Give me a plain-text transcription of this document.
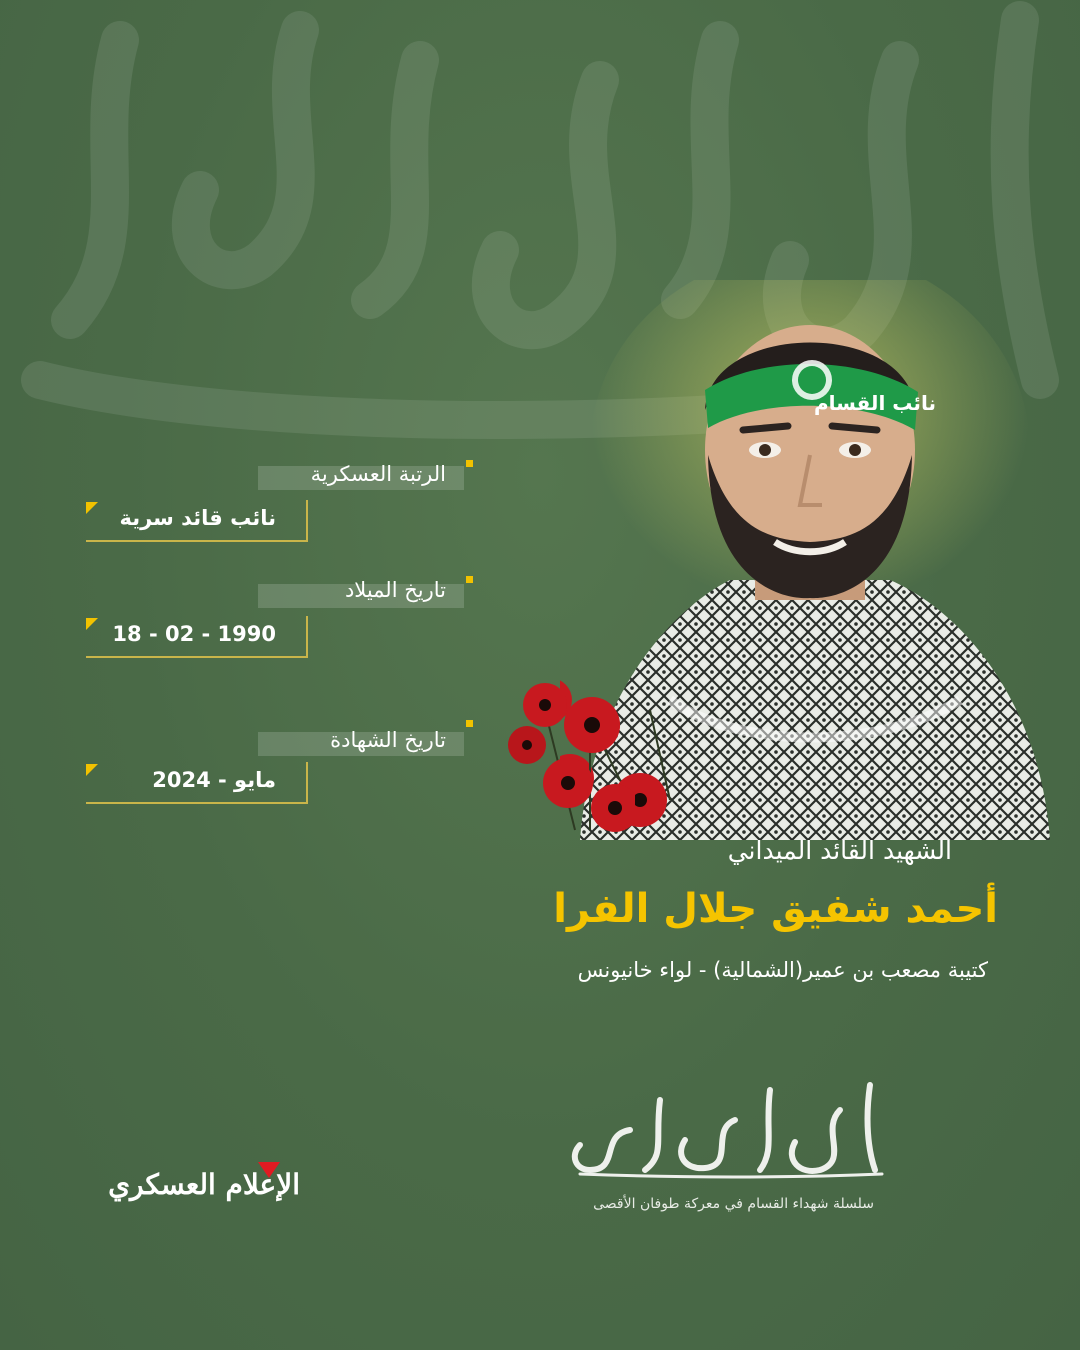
نائب القسام
الرتبة العسكرية
نائب قائد سرية
تاريخ الميلاد
18 - 02 - 1990
تاريخ الشهادة
مايو - 2024
الشهيد القائد الميداني
أحمد شفيق جلال الفرا
كتيبة مصعب بن عمير(الشمالية) - لواء خانيونس
أقمار الطوفان
سلسلة شهداء القسام في معركة طوفان الأقصى
الإعلام العسكري
